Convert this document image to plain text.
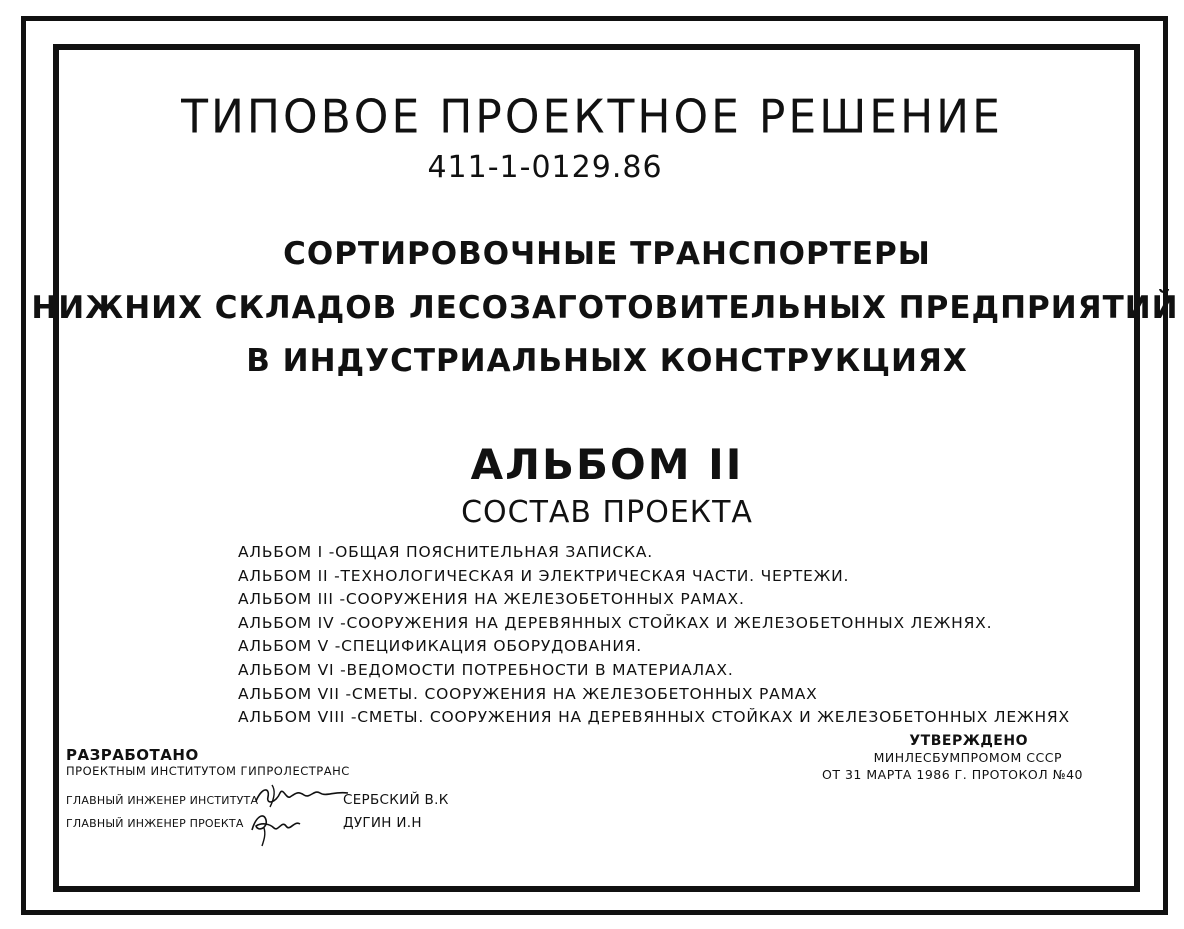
ТИПОВОЕ ПРОЕКТНОЕ РЕШЕНИЕ
411-1-0129.86
СОРТИРОВОЧНЫЕ ТРАНСПОРТЕРЫ
НИЖНИХ СКЛАДОВ ЛЕСОЗАГОТОВИТЕЛЬНЫХ ПРЕДПРИЯТИЙ
В ИНДУСТРИАЛЬНЫХ КОНСТРУКЦИЯХ
АЛЬБОМ II
СОСТАВ ПРОЕКТА
АЛЬБОМ I -ОБЩАЯ ПОЯСНИТЕЛЬНАЯ ЗАПИСКА.
АЛЬБОМ II -ТЕХНОЛОГИЧЕСКАЯ И ЭЛЕКТРИЧЕСКАЯ ЧАСТИ. ЧЕРТЕЖИ.
АЛЬБОМ III -СООРУЖЕНИЯ НА ЖЕЛЕЗОБЕТОННЫХ РАМАХ.
АЛЬБОМ IV -СООРУЖЕНИЯ НА ДЕРЕВЯННЫХ СТОЙКАХ И ЖЕЛЕЗОБЕТОННЫХ ЛЕЖНЯХ.
АЛЬБОМ V -СПЕЦИФИКАЦИЯ ОБОРУДОВАНИЯ.
АЛЬБОМ VI -ВЕДОМОСТИ ПОТРЕБНОСТИ В МАТЕРИАЛАХ.
АЛЬБОМ VII -СМЕТЫ. СООРУЖЕНИЯ НА ЖЕЛЕЗОБЕТОННЫХ РАМАХ
АЛЬБОМ VIII -СМЕТЫ. СООРУЖЕНИЯ НА ДЕРЕВЯННЫХ СТОЙКАХ И ЖЕЛЕЗОБЕТОННЫХ ЛЕЖНЯХ
РАЗРАБОТАНО
ПРОЕКТНЫМ ИНСТИТУТОМ ГИПРОЛЕСТРАНС
ГЛАВНЫЙ ИНЖЕНЕР ИНСТИТУТА	СЕРБСКИЙ В.К
ГЛАВНЫЙ ИНЖЕНЕР ПРОЕКТА	ДУГИН И.Н
УТВЕРЖДЕНО
МИНЛЕСБУМПРОМОМ СССР
ОТ 31 МАРТА 1986 Г. ПРОТОКОЛ №40
